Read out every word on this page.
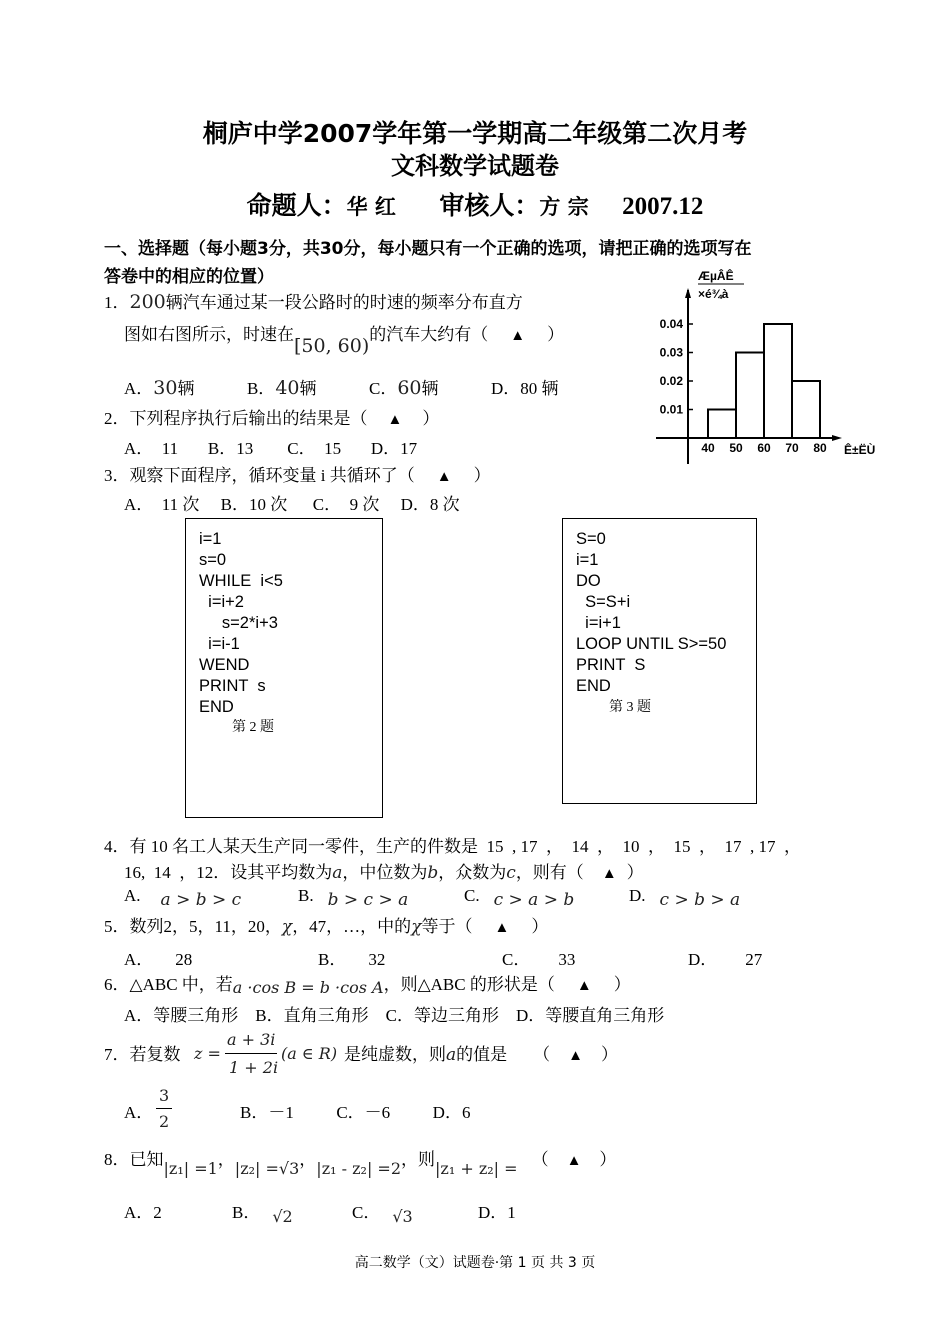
桐庐中学2007学年第一学期高二年级第二次月考
文科数学试题卷
命题人：华 红 审核人：方 宗 2007.12
一、选择题（每小题3分，共30分，每小题只有一个正确的选项，请把正确的选项写在
答卷中的相应的位置）	ÆµÂÊ
×é¾à
0.01
0.02
0.03
0.04
40 50 60 70 80 Ê±ËÙ
1．200辆汽车通过某一段公路时的时速的频率分布直方
图如右图所示，时速在[50, 60)的汽车大约有（ ▲ ）
A．30辆	B．40辆	C．60辆	D．80 辆
2．下列程序执行后输出的结果是（ ▲ ）
A．  11       B．13        C．  15       D．17
3．观察下面程序，循环变量 i 共循环了（ ▲ ）
A．  11 次     B．10 次      C．  9 次     D．8 次
i=1
s=0
WHILE  i<5
i=i+2
s=2*i+3
i=i-1
WEND
PRINT  s
END
第 2 题
S=0
i=1
DO
S=S+i
i=i+1
LOOP UNTIL S>=50
PRINT  S
END
第 3 题
4．有 10 名工人某天生产同一零件，生产的件数是  15  , 17  ，  14  ，  10  ，  15  ，  17  , 17  ，
16,  14  ，12．设其平均数为a，中位数为b，众数为c，则有（ ▲ ）
A. a > b > c	B. b > c > a	C. c > a > b	D. c > b > a
5．数列2，5，11，20，χ，47，…，中的χ等于（ ▲ ）
A． 28	B． 32	C． 33	D． 27
6．△ABC 中，若a ·cos B = b ·cos A，则△ABC 的形状是（ ▲ ）
A．等腰三角形    B．直角三角形    C．等边三角形    D．等腰直角三角形
7．若复数 z =
a + 3i
1 + 2i
(a ∈ R) 是纯虚数，则a的值是 （ ▲ ）
A．
3
2	B．－1          C．－6          D．6
8．已知|z₁| =1，|z₂| =√3，|z₁ - z₂| =2，则|z₁ + z₂| = （ ▲ ）
A．2	B． √2	C． √3	D．1
高二数学（文）试题卷·第 1 页 共 3 页
